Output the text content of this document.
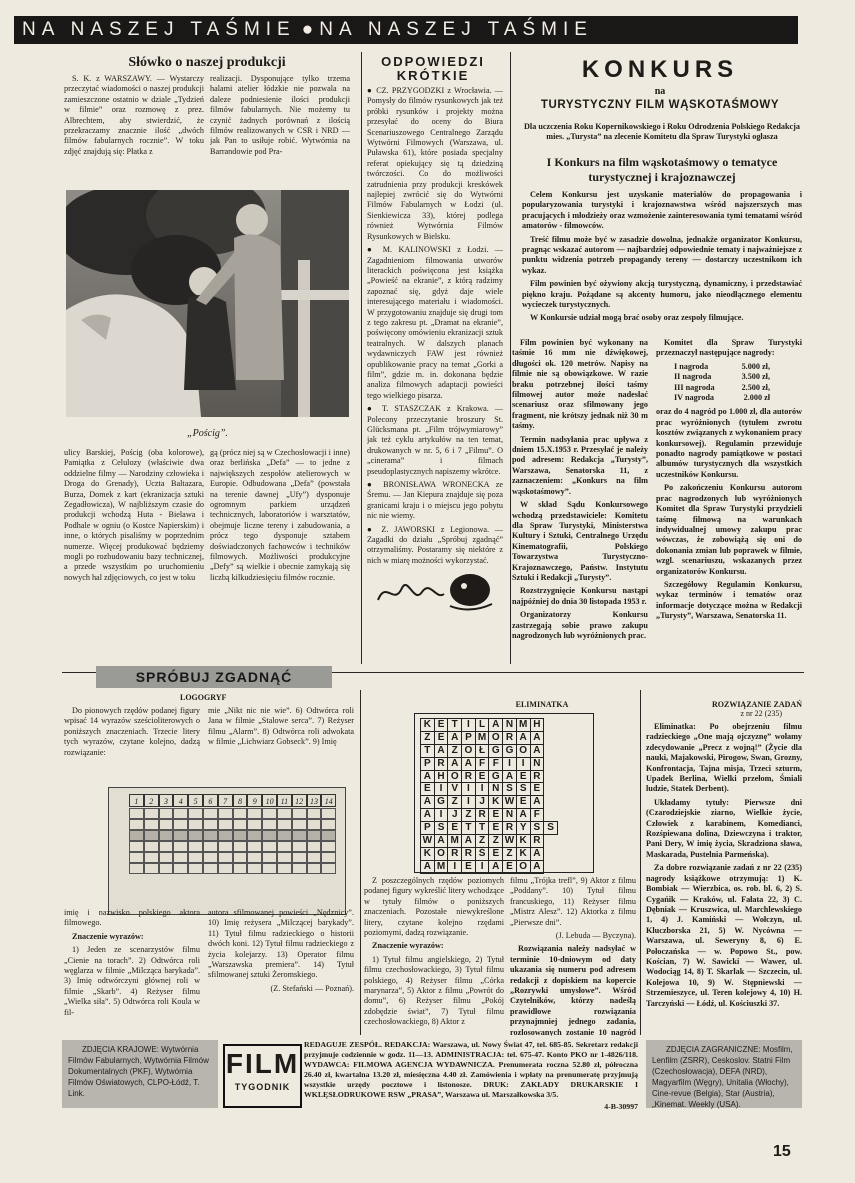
NA NASZEJ TAŚMIE ● NA NASZEJ TAŚMIE
Słówko o naszej produkcji

S. K. z WARSZAWY. — Wystarczy przeczytać wiadomości o naszej produkcji zamieszczone ostatnio w dziale „Tydzień w filmie” oraz rozmowę z prez. Albrechtem, aby stwierdzić, że przekraczamy znacznie ilość „dwóch filmów fabularnych rocznie”. W toku zdjęć znajdują się: Płatka z

realizacji. Dysponujące tylko trzema halami atelier łódzkie nie pozwala na daleze podniesienie ilości produkcji filmów fabularnych. Nie możemy tu czynić żadnych porównań z ilością filmów realizowanych w CSR i NRD — jak Pan to usiłuje robić. Wytwórnia na Barrandowie pod Pra-

„Pościg”.

ulicy Barskiej, Pościg (oba kolorowe), Pamiątka z Celulozy (właściwie dwa oddzielne filmy — Narodziny człowieka i Droga do Grenady), Uczta Baltazara, Burza, Domek z kart (ekranizacja sztuki Zegadłowicza), W najbliższym czasie do produkcji wchodzą Huta - Bielawa i Podhale w ogniu (o Kostce Napierskim) i inne, o których pisaliśmy w poprzednim numerze. Więcej produkować będziemy mogli po rozbudowaniu bazy technicznej, a przede wszystkim po uruchomieniu nowych hal zdjęciowych, co jest w toku

gą (prócz niej są w Czechosłowacji i inne) oraz berlińska „Defa” — to jedne z największych zespołów atelierowych w Europie. Odbudowana „Defa” (powstała na terenie dawnej „Ufy”) dysponuje ogromnym parkiem urządzeń technicznych, laboratoriów i warsztatów, obejmuje liczne tereny i zabudowania, a prócz tego dysponuje sztabem doświadczonych fachowców i techników filmowych. Możliwości produkcyjne „Defy” są wielkie i obecnie zamykają się liczbą kilkudziesięciu filmów rocznie.

ODPOWIEDZI
KRÓTKIE

● CZ. PRZYGODZKI z Wrocławia. — Pomysły do filmów rysunkowych jak też próbki rysunków i projekty można przesyłać do oceny do Biura Scenariuszowego Centralnego Zarządu Wytwórni Filmowych (Warszawa, ul. Puławska 61), które posiada specjalny referat opiekujący się tą dziedziną twórczości. Co do możliwości zatrudnienia przy produkcji kreskówek najlepiej zwrócić się do Wytwórni Filmów Fabularnych w Łodzi (ul. Sienkiewicza 33), której podlega również Wytwórnia Filmów Rysunkowych w Bielsku.

● M. KALINOWSKI z Łodzi. — Zagadnieniom filmowania utworów literackich poświęcona jest książka „Powieść na ekranie”, z którą radzimy zapoznać się, gdyż daje wiele interesującego materiału i wiadomości. W przygotowaniu znajduje się drugi tom z tego zakresu pt. „Dramat na ekranie”, poświęcony omówieniu ekranizacji sztuk teatralnych. W dalszych planach wydawniczych FAW jest również opublikowanie pracy na temat „Gorki a film”, gdzie m. in. dokonana będzie analiza filmowych adaptacji powieści tego wielkiego pisarza.

● T. STASZCZAK z Krakowa. — Polecony przeczytanie broszury St. Glücksmana pt. „Film trójwymiarowy” jak też cyklu artykułów na ten temat, drukowanych w nr. 5, 6 i 7 „Filmu”. O „cinerama” i filmach pseudoplastycznych napiszemy wkrótce.

● BRONISŁAWA WRONECKA ze Śremu. — Jan Kiepura znajduje się poza granicami kraju i o miejscu jego pobytu nic nie wiemy.

● Z. JAWORSKI z Legionowa. — Zagadki do działu „Spróbuj zgadnąć” otrzymaliśmy. Postaramy się niektóre z nich w miarę możności wykorzystać.

KONKURS
na
TURYSTYCZNY FILM WĄSKOTAŚMOWY

Dla uczczenia Roku Kopernikowskiego i Roku Odrodzenia Polskiego Redakcja mies. „Turysta” na zlecenie Komitetu dla Spraw Turystyki ogłasza

I Konkurs na film wąskotaśmowy o tematyce turystycznej i krajoznawczej

Celem Konkursu jest uzyskanie materiałów do propagowania i popularyzowania turystyki i krajoznawstwa wśród najszerszych mas pracujących i młodzieży oraz wzmożenie zainteresowania tymi tematami wśród amatorów - filmowców.

Treść filmu może być w zasadzie dowolna, jednakże organizator Konkursu, pragnąc wskazać autorom — najbardziej odpowiednie tematy i najważniejsze z punktu widzenia potrzeb propagandy tereny — dostarczy uczestnikom ich wykaz.

Film powinien być ożywiony akcją turystyczną, dynamiczny, i przedstawiać piękno kraju. Pożądane są akcenty humoru, jako nieodłącznego elementu wycieczek turystycznych.

W Konkursie udział mogą brać osoby oraz zespoły filmujące.

Film powinien być wykonany na taśmie 16 mm nie dźwiękowej, długości ok. 120 metrów. Napisy na filmie nie są obowiązkowe. W razie braku potrzebnej ilości taśmy filmowej autor może nadesłać scenariusz oraz sfilmowany jego fragment, nie krótszy jednak niż 30 m taśmy.

Termin nadsyłania prac upływa z dniem 15.X.1953 r. Przesyłać je należy pod adresem: Redakcja „Turysty”, Warszawa, Senatorska 11, z zaznaczeniem: „Konkurs na film wąskotaśmowy”.

W skład Sądu Konkursowego wchodzą przedstawiciele: Komitetu dla Spraw Turystyki, Ministerstwa Kultury i Sztuki, Centralnego Urzędu Kinematografii, Polskiego Towarzystwa Turystyczno-Krajoznawczego, Państw. Instytutu Sztuki i Redakcji „Turysty”.

Rozstrzygnięcie Konkursu nastąpi najpóźniej do dnia 30 listopada 1953 r.

Organizatorzy Konkursu zastrzegają sobie prawo zakupu nagrodzonych lub wyróżnionych prac.

Komitet dla Spraw Turystyki przeznaczył następujące nagrody:

I nagroda	5.000 zł,
II nagroda	3.500 zł,
III nagroda	2.500 zł,
IV nagroda	2.000 zł

oraz do 4 nagród po 1.000 zł, dla autorów prac wyróżnionych (tytułem zwrotu kosztów związanych z wykonaniem pracy konkursowej). Regulamin przewiduje ponadto nagrody pamiątkowe w postaci albumów turystycznych dla wszystkich uczestników Konkursu.

Po zakończeniu Konkursu autorom prac nagrodzonych lub wyróżnionych Komitet dla Spraw Turystyki przydzieli taśmę filmową na warunkach indywidualnej umowy zakupu prac wówczas, że zobowiążą się oni do dokonania zmian lub poprawek w filmie, wzgl. scenariuszu, wskazanych przez organizatorów Konkursu.

Szczegółowy Regulamin Konkursu, wykaz terminów i tematów oraz informacje dotyczące można w Redakcji „Turysty”, Warszawa, Senatorska 11.

SPRÓBUJ ZGADNĄĆ
LOGOGRYF

Do pionowych rzędów podanej figury wpisać 14 wyrazów sześcioliterowych o poniższych znaczeniach. Trzecie litery tych wyrazów, czytane kolejno, dadzą rozwiązanie:

mie „Nikt nic nie wie”. 6) Odtwórca roli Jana w filmie „Stalowe serca”. 7) Reżyser filmu „Alarm”. 8) Odtwórca roli adwokata w filmie „Lichwiarz Gobseck”. 9) Imię

1	2	3	4	5	6	7	8	9	10 11 12 13 14

imię i nazwisko polskiego aktora filmowego.

Znaczenie wyrazów:

1) Jeden ze scenarzystów filmu „Cienie na torach”. 2) Odtwórca roli węglarza w filmie „Milcząca barykada”. 3) Imię odtwórczyni głównej roli w filmie „Skarb”. 4) Reżyser filmu „Wielka siła”. 5) Odtwórca roli Koula w fil-

autora sfilmowanej powieści „Nędznicy”. 10) Imię reżysera „Milczącej barykady”. 11) Tytuł filmu radzieckiego o historii dwóch koni. 12) Tytuł filmu radzieckiego z życia kolejarzy. 13) Operator filmu „Warszawska premiera”. 14) Tytuł sfilmowanej sztuki Żeromskiego.

(Z. Stefański — Poznań).

ELIMINATKA
K	E	T	I	L	A	N	M	H	
Z	E	A	P	M	O	R	A	A	
T	A	Z	O	Ł	G	G	O	A	
P	R	A	A	F	F	I	I	N	
A	H	O	R	E	G	A	E	R	
E	I	V	I	I	N	S	S	E	
A	G	Z	I	J	K	W	E	A	
A	I	J	Z	R	E	N	A	F	
P	S	E	T	T	E	R	Y	S	S
W	A	M	A	Z	Z	W	K	R	
K	O	R	R	Š	E	Z	K	A	
A	M	I	E	I	A	E	O	A	

Z poszczególnych rzędów poziomych podanej figury wykreślić litery wchodzące w tytuły filmów o poniższych znaczeniach. Pozostałe niewykreślone litery, czytane kolejno rzędami poziomymi, dadzą rozwiązanie.

Znaczenie wyrazów:

1) Tytuł filmu angielskiego, 2) Tytuł filmu czechosłowackiego, 3) Tytuł filmu polskiego, 4) Reżyser filmu „Córka marynarza”, 5) Aktor z filmu „Powrót do domu”, 6) Reżyser filmu „Pokój zdobędzie świat”, 7) Tytuł filmu czechosłowackiego, 8) Aktor z

filmu „Trójka trefl”, 9) Aktor z filmu „Poddany”. 10) Tytuł filmu francuskiego, 11) Reżyser filmu „Mistrz Alesz”. 12) Aktorka z filmu „Pierwsze dni”.

(J. Lebuda — Byczyna).

Rozwiązania należy nadsyłać w terminie 10-dniowym od daty ukazania się numeru pod adresem redakcji z dopiskiem na kopercie „Rozrywki umysłowe”. Wśród Czytelników, którzy nadeślą prawidłowe rozwiązania przynajmniej jednego zadania, rozlosowanych zostanie 10 nagród

ROZWIĄZANIE ZADAŃ
z nr 22 (235)

Eliminatka: Po obejrzeniu filmu radzieckiego „One mają ojczyznę” wołamy zdecydowanie „Precz z wojną!” (Życie dla nauki, Majakowski, Pirogow, Swan, Grozny, Konfrontacja, Tajna misja, Trzeci szturm, Upadek Berlina, Wielki przełom, Śmiali ludzie, Statek Derbent).

Układamy tytuły: Pierwsze dni (Czarodziejskie ziarno, Wielkie życie, Człowiek z karabinem, Komedianci, Rozśpiewana dolina, Dziewczyna i traktor, Pani Dery, W imię życia, Skradziona sława, Maskarada, Pustelnia Parmeńska).

Za dobre rozwiązanie zadań z nr 22 (235) nagrody książkowe otrzymują: 1) K. Bombiak — Wierzbica, os. rob. bl. 6, 2) S. Cygańik — Kraków, ul. Fałata 22, 3) C. Dębniak — Kruszwica, ul. Marchlewskiego 1, 4) J. Kamiński — Wołczyn, ul. Kluczborska 21, 5) W. Nycówna — Warszawa, ul. Seweryny 8, 6) E. Połoczańska — w. Popowo St., pow. Kościan, 7) W. Sawicki — Wawer, ul. Wodociąg 14, 8) T. Skarlak — Szczecin, ul. Kolejowa 10, 9) W. Stępniewski — Strzemieszyce, ul. Teren kolejowy 4, 10) H. Tarczyński — Łódź, ul. Kościuszki 37.

ZDJĘCIA KRAJOWE: Wytwórnia Filmów Fabularnych, Wytwórnia Filmów Dokumentalnych (PKF), Wytwórnia Filmów Oświatowych, CLPO-Łódź, T. Link.
FILM
TYGODNIK

REDAGUJE ZESPÓŁ. REDAKCJA: Warszawa, ul. Nowy Świat 47, tel. 685-85. Sekretarz redakcji przyjmuje codziennie w godz. 11—13. ADMINISTRACJA: tel. 675-47. Konto PKO nr 1-4826/118. WYDAWCA: FILMOWA AGENCJA WYDAWNICZA. Prenumerata roczna 52.80 zł, półroczna 26.40 zł, kwartalna 13.20 zł, miesięczna 4.40 zł. Zamówienia i wpłaty na prenumeratę przyjmują wszystkie urzędy pocztowe i listonosze. DRUK: ZAKŁADY DRUKARSKIE I WKLĘSŁODRUKOWE RSW „PRASA”, Warszawa ul. Marszałkowska 3/5.

4-B-30997

ZDJĘCIA ZAGRANICZNE: Mosfilm, Lenfilm (ZSRR), Ceskoslov. Statni Film (Czechosłowacja), DEFA (NRD), Magyarfilm (Węgry), Unitalia (Włochy), Cine-revue (Belgia), Star (Austria), „Kinemat. Weekly (USA).
15
